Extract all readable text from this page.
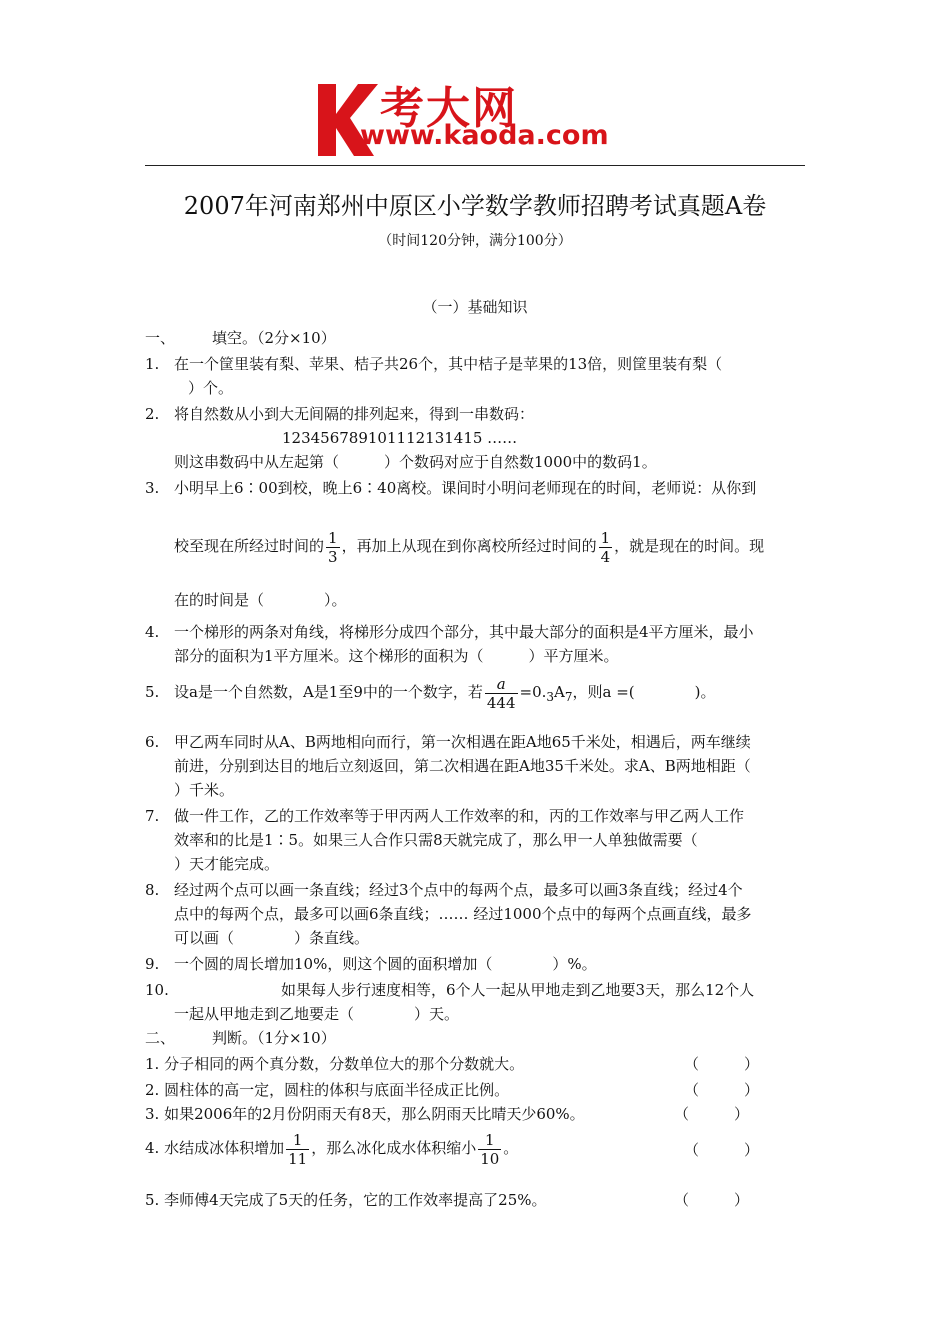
考大网
www.kaoda.com
2007年河南郑州中原区小学数学教师招聘考试真题A卷
（时间120分钟，满分100分）
（一）基础知识
一、 填空。（2分×10）
1. 在一个筐里装有梨、苹果、桔子共26个，其中桔子是苹果的13倍，则筐里装有梨（
）个。
2. 将自然数从小到大无间隔的排列起来，得到一串数码：
123456789101112131415 ……
则这串数码中从左起第（　　　）个数码对应于自然数1000中的数码1。
3. 小明早上6∶00到校，晚上6∶40离校。课间时小明问老师现在的时间，老师说：从你到
校至现在所经过时间的 $\frac{1}{3}$ ，再加上从现在到你离校所经过时间的 $\frac{1}{4}$ ，就是现在的时间。现
在的时间是（　　　　）。
4. 一个梯形的两条对角线，将梯形分成四个部分，其中最大部分的面积是4平方厘米，最小
部分的面积为1平方厘米。这个梯形的面积为（　　　）平方厘米。
5. 设a是一个自然数，A是1至9中的一个数字，若 $\frac{a}{444} =0._3A_7$，则a =(　　　　)。
6. 甲乙两车同时从A、B两地相向而行，第一次相遇在距A地65千米处，相遇后，两车继续
前进，分别到达目的地后立刻返回，第二次相遇在距A地35千米处。求A、B两地相距（
）千米。
7. 做一件工作，乙的工作效率等于甲丙两人工作效率的和，丙的工作效率与甲乙两人工作
效率和的比是1∶5。如果三人合作只需8天就完成了，那么甲一人单独做需要（
）天才能完成。
8. 经过两个点可以画一条直线；经过3个点中的每两个点，最多可以画3条直线；经过4个
点中的每两个点，最多可以画6条直线；…… 经过1000个点中的每两个点画直线，最多
可以画（　　　　）条直线。
9. 一个圆的周长增加10%，则这个圆的面积增加（　　　　）%。
10.	如果每人步行速度相等，6个人一起从甲地走到乙地要3天，那么12个人
一起从甲地走到乙地要走（　　　　）天。
二、 判断。（1分×10）
1. 分子相同的两个真分数，分数单位大的那个分数就大。	（　　　）
2. 圆柱体的高一定，圆柱的体积与底面半径成正比例。	（　　　）
3. 如果2006年的2月份阴雨天有8天，那么阴雨天比晴天少60%。	（　　　）
4. 水结成冰体积增加 $\frac{1}{11}$ ，那么冰化成水体积缩小 $\frac{1}{10}$ 。	（　　　）
5. 李师傅4天完成了5天的任务，它的工作效率提高了25%。	（　　　）
